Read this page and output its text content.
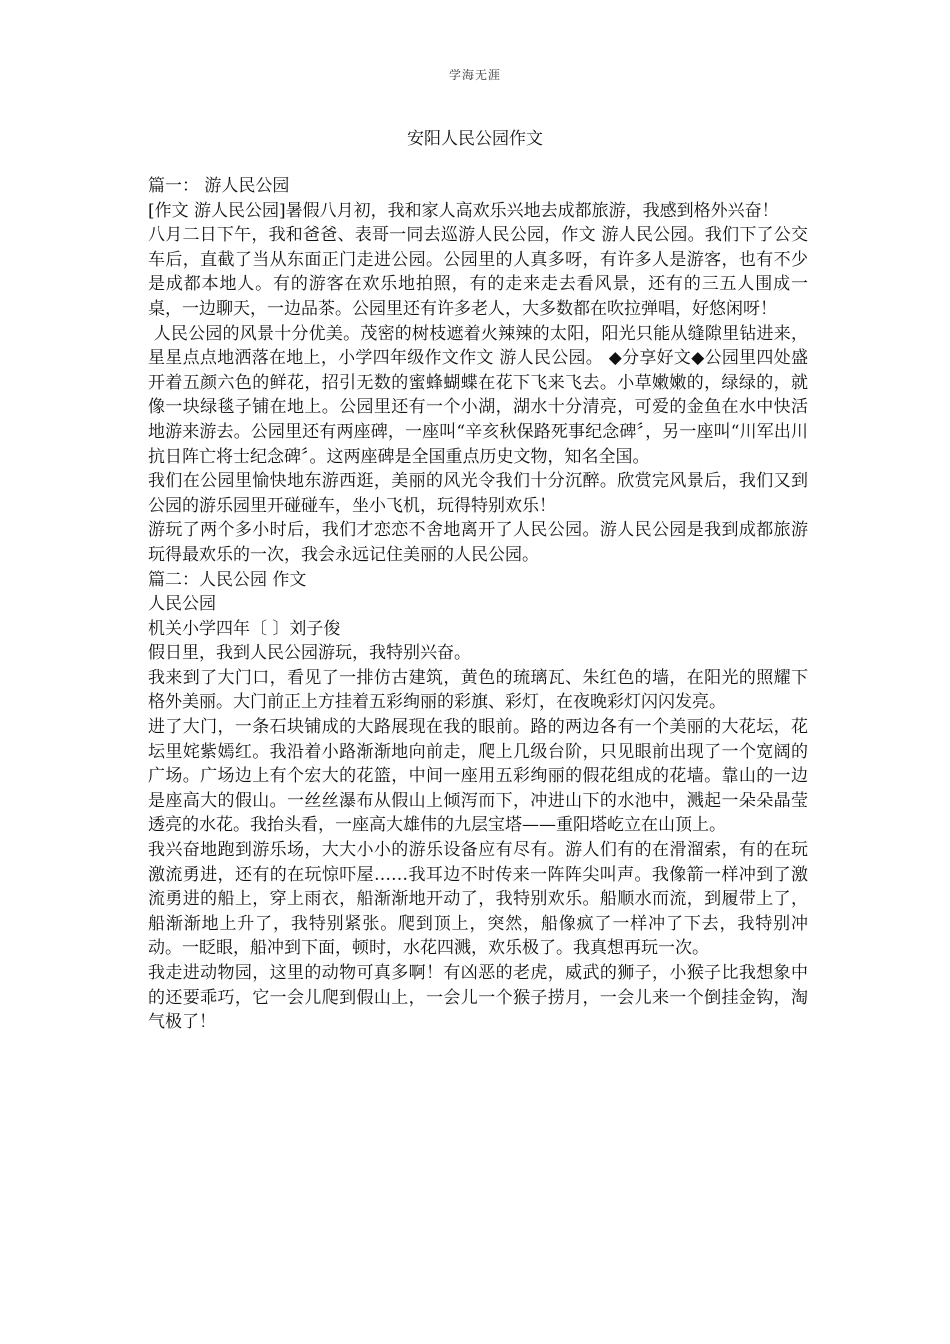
学海无涯
安阳人民公园作文

篇一： 游人民公园

[作文 游人民公园]暑假八月初，我和家人高欢乐兴地去成都旅游，我感到格外兴奋！

八月二日下午，我和爸爸、表哥一同去巡游人民公园，作文 游人民公园。我们下了公交车后，直截了当从东面正门走进公园。公园里的人真多呀，有许多人是游客，也有不少是成都本地人。有的游客在欢乐地拍照，有的走来走去看风景，还有的三五人围成一桌，一边聊天，一边品茶。公园里还有许多老人，大多数都在吹拉弹唱，好悠闲呀！

人民公园的风景十分优美。茂密的树枝遮着火辣辣的太阳，阳光只能从缝隙里钻进来，星星点点地洒落在地上，小学四年级作文作文 游人民公园。 ◆分享好文◆公园里四处盛开着五颜六色的鲜花，招引无数的蜜蜂蝴蝶在花下飞来飞去。小草嫩嫩的，绿绿的，就像一块绿毯子铺在地上。公园里还有一个小湖，湖水十分清亮，可爱的金鱼在水中快活地游来游去。公园里还有两座碑，一座叫“辛亥秋保路死事纪念碑〞，另一座叫“川军出川抗日阵亡将士纪念碑〞。这两座碑是全国重点历史文物，知名全国。

我们在公园里愉快地东游西逛，美丽的风光令我们十分沉醉。欣赏完风景后，我们又到公园的游乐园里开碰碰车，坐小飞机，玩得特别欢乐！

游玩了两个多小时后，我们才恋恋不舍地离开了人民公园。游人民公园是我到成都旅游玩得最欢乐的一次，我会永远记住美丽的人民公园。

篇二：人民公园 作文

人民公园

机关小学四年〔 〕刘子俊

假日里，我到人民公园游玩，我特别兴奋。

我来到了大门口，看见了一排仿古建筑，黄色的琉璃瓦、朱红色的墙，在阳光的照耀下格外美丽。大门前正上方挂着五彩绚丽的彩旗、彩灯，在夜晚彩灯闪闪发亮。

进了大门，一条石块铺成的大路展现在我的眼前。路的两边各有一个美丽的大花坛，花坛里姹紫嫣红。我沿着小路渐渐地向前走，爬上几级台阶，只见眼前出现了一个宽阔的广场。广场边上有个宏大的花篮，中间一座用五彩绚丽的假花组成的花墙。靠山的一边是座高大的假山。一丝丝瀑布从假山上倾泻而下，冲进山下的水池中，溅起一朵朵晶莹透亮的水花。我抬头看，一座高大雄伟的九层宝塔——重阳塔屹立在山顶上。

我兴奋地跑到游乐场，大大小小的游乐设备应有尽有。游人们有的在滑溜索，有的在玩激流勇进，还有的在玩惊吓屋……我耳边不时传来一阵阵尖叫声。我像箭一样冲到了激流勇进的船上，穿上雨衣，船渐渐地开动了，我特别欢乐。船顺水而流，到履带上了，船渐渐地上升了，我特别紧张。爬到顶上，突然，船像疯了一样冲了下去，我特别冲动。一眨眼，船冲到下面，顿时，水花四溅，欢乐极了。我真想再玩一次。

我走进动物园，这里的动物可真多啊！有凶恶的老虎，威武的狮子，小猴子比我想象中的还要乖巧，它一会儿爬到假山上，一会儿一个猴子捞月，一会儿来一个倒挂金钩，淘气极了！
